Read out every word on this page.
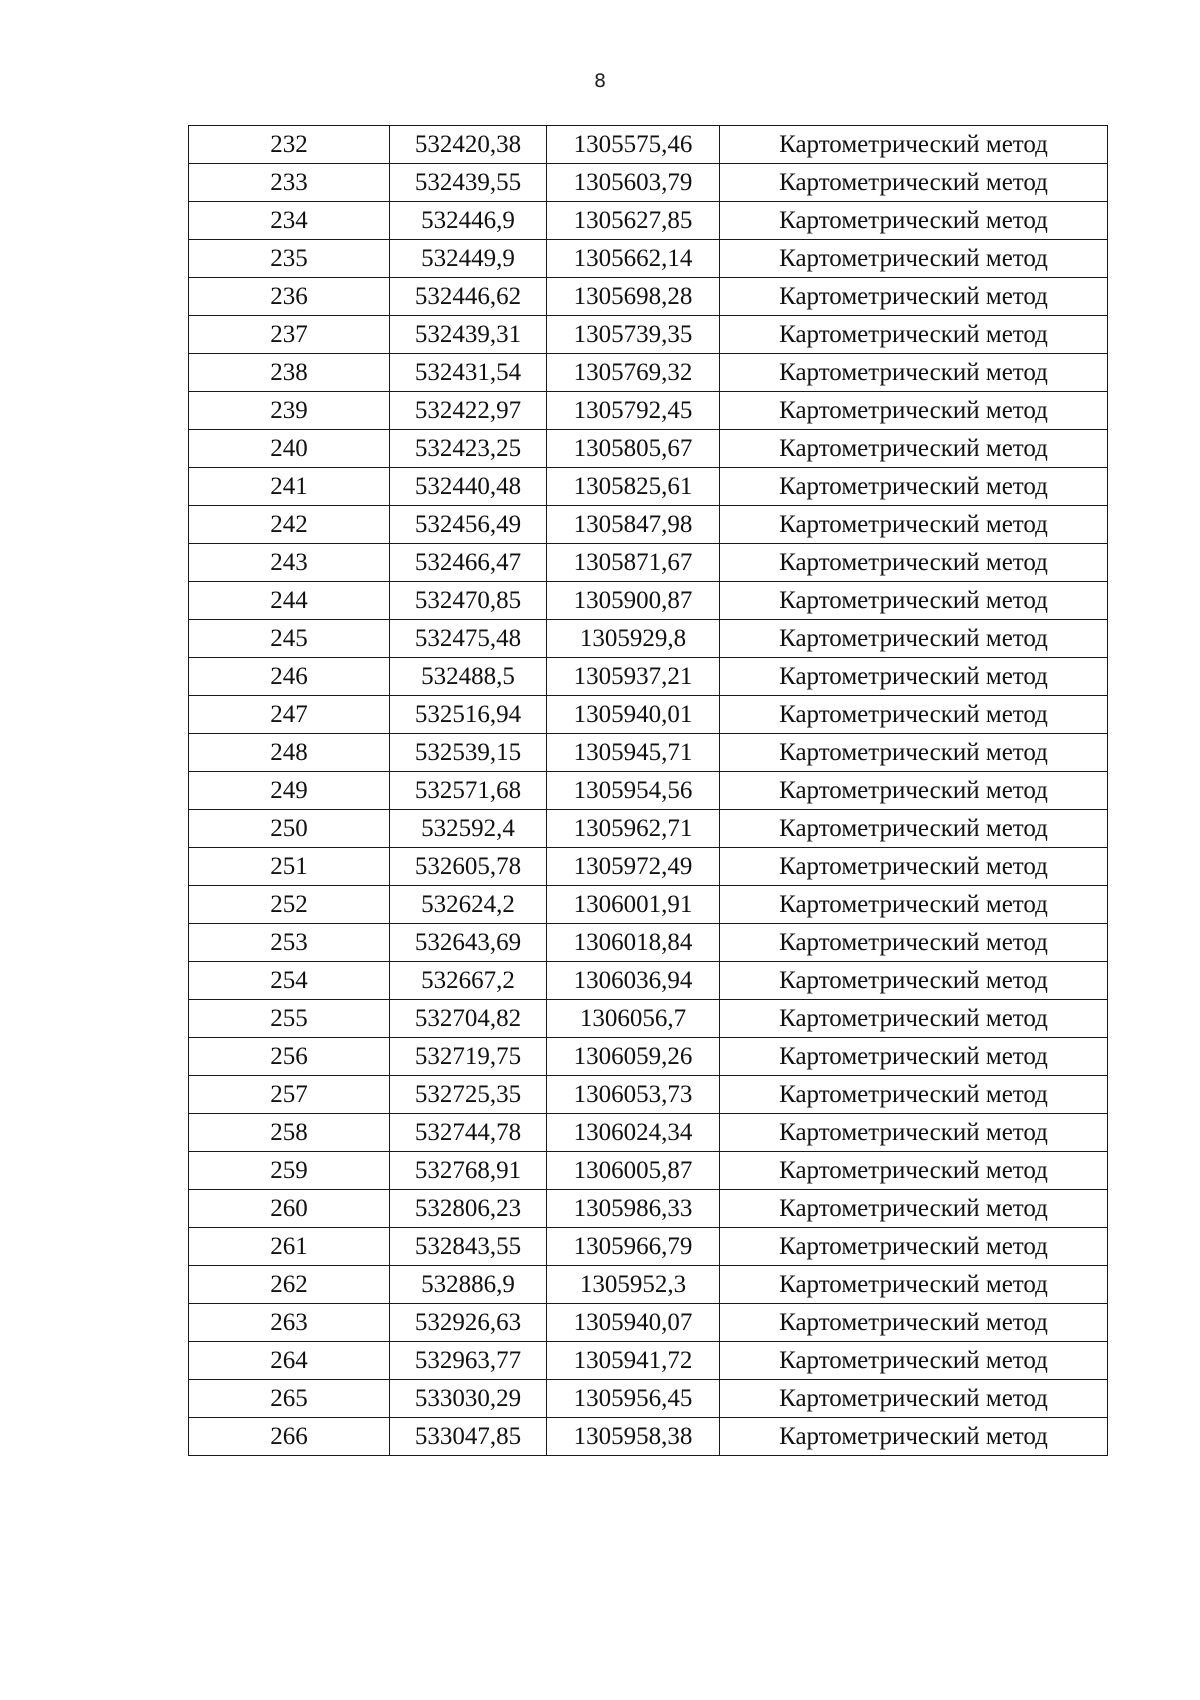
8
232	532420,38	1305575,46	Картометрический метод
233	532439,55	1305603,79	Картометрический метод
234	532446,9	1305627,85	Картометрический метод
235	532449,9	1305662,14	Картометрический метод
236	532446,62	1305698,28	Картометрический метод
237	532439,31	1305739,35	Картометрический метод
238	532431,54	1305769,32	Картометрический метод
239	532422,97	1305792,45	Картометрический метод
240	532423,25	1305805,67	Картометрический метод
241	532440,48	1305825,61	Картометрический метод
242	532456,49	1305847,98	Картометрический метод
243	532466,47	1305871,67	Картометрический метод
244	532470,85	1305900,87	Картометрический метод
245	532475,48	1305929,8	Картометрический метод
246	532488,5	1305937,21	Картометрический метод
247	532516,94	1305940,01	Картометрический метод
248	532539,15	1305945,71	Картометрический метод
249	532571,68	1305954,56	Картометрический метод
250	532592,4	1305962,71	Картометрический метод
251	532605,78	1305972,49	Картометрический метод
252	532624,2	1306001,91	Картометрический метод
253	532643,69	1306018,84	Картометрический метод
254	532667,2	1306036,94	Картометрический метод
255	532704,82	1306056,7	Картометрический метод
256	532719,75	1306059,26	Картометрический метод
257	532725,35	1306053,73	Картометрический метод
258	532744,78	1306024,34	Картометрический метод
259	532768,91	1306005,87	Картометрический метод
260	532806,23	1305986,33	Картометрический метод
261	532843,55	1305966,79	Картометрический метод
262	532886,9	1305952,3	Картометрический метод
263	532926,63	1305940,07	Картометрический метод
264	532963,77	1305941,72	Картометрический метод
265	533030,29	1305956,45	Картометрический метод
266	533047,85	1305958,38	Картометрический метод
